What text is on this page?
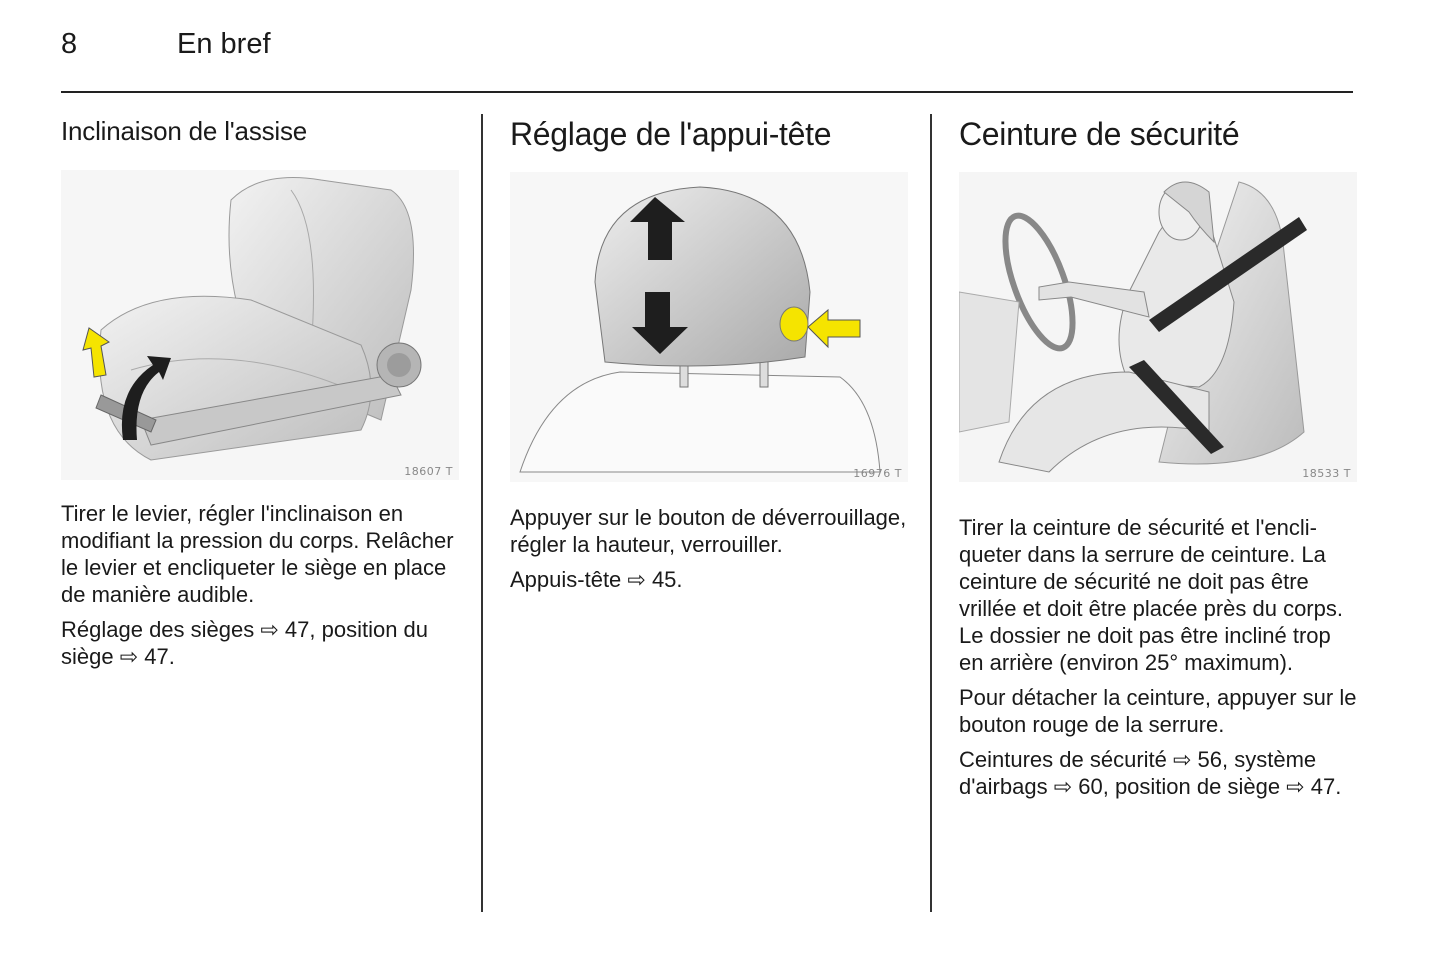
8	En bref
Inclinaison de l'assise
18607 T

Tirer le levier, régler l'inclinaison en modifiant la pression du corps. Relâcher le levier et encliqueter le siège en place de manière audible.

Réglage des sièges ⇨ 47, position du siège ⇨ 47.

Réglage de l'appui-tête
16976 T

Appuyer sur le bouton de déverrouillage, régler la hauteur, verrouiller.

Appuis-tête ⇨ 45.

Ceinture de sécurité
18533 T

Tirer la ceinture de sécurité et l'encliqueter dans la serrure de ceinture. La ceinture de sécurité ne doit pas être vrillée et doit être placée près du corps. Le dossier ne doit pas être incliné trop en arrière (environ 25° maximum).

Pour détacher la ceinture, appuyer sur le bouton rouge de la serrure.

Ceintures de sécurité ⇨ 56, système d'airbags ⇨ 60, position de siège ⇨ 47.
